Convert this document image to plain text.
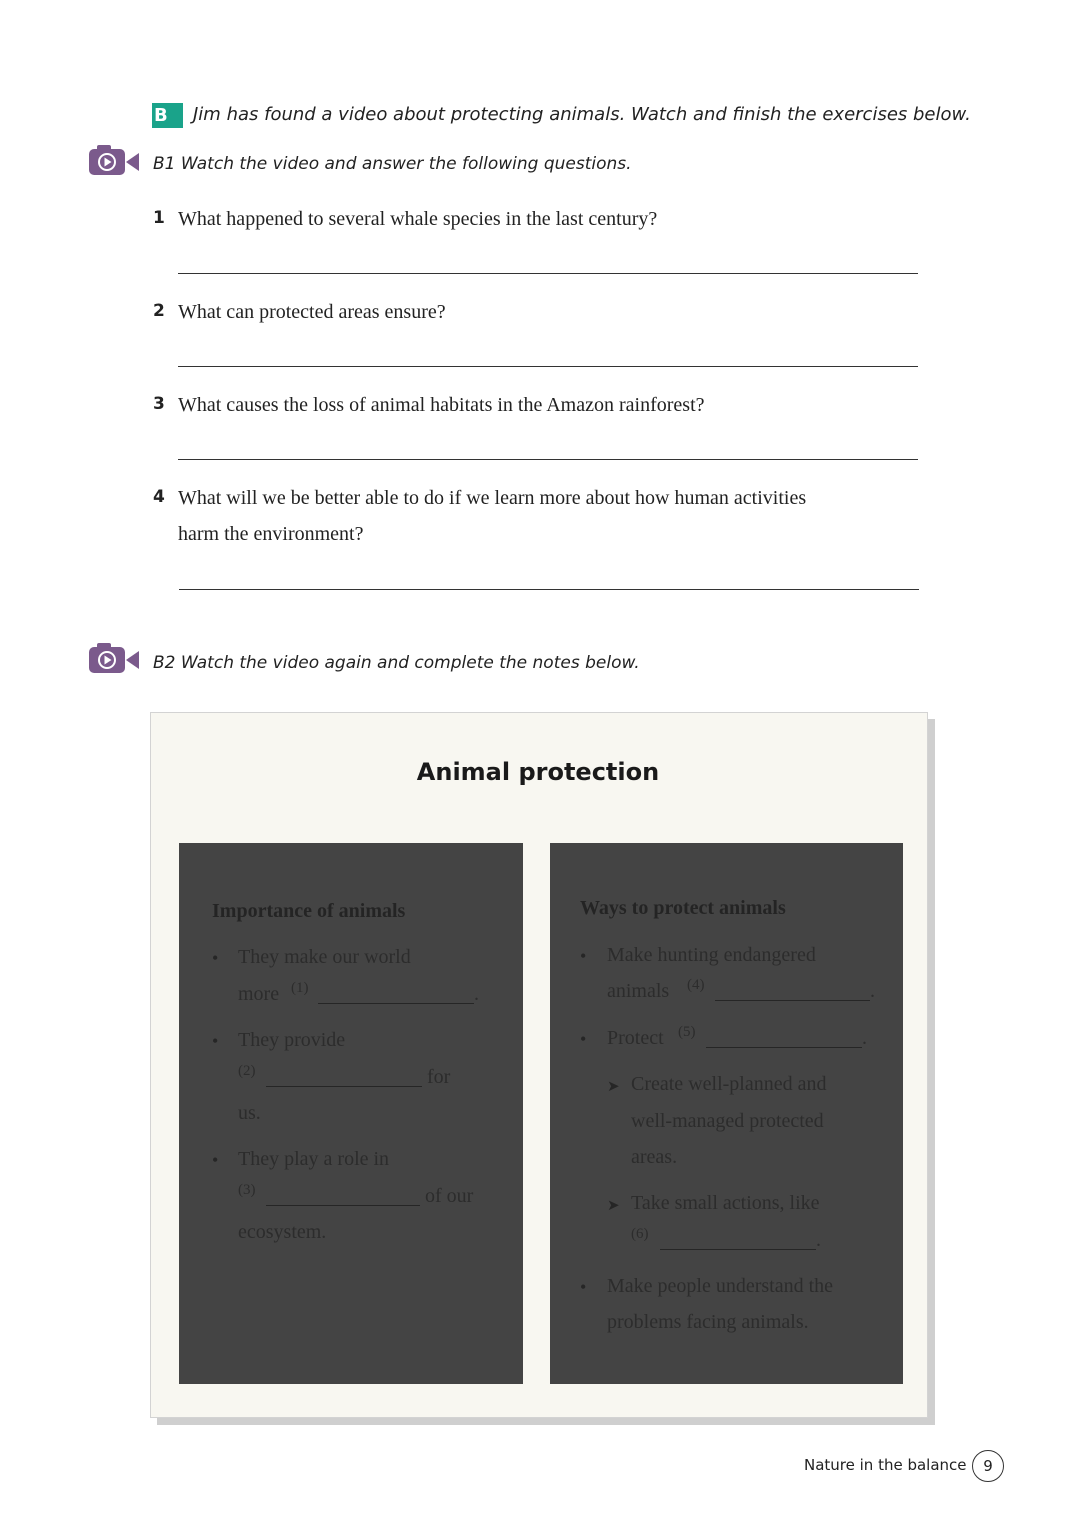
B	Jim has found a video about protecting animals. Watch and finish the exercises below.
B1 Watch the video and answer the following questions.
1 What happened to several whale species in the last century?
2 What can protected areas ensure?
3 What causes the loss of animal habitats in the Amazon rainforest?
4 What will we be better able to do if we learn more about how human activities
harm the environment?
B2 Watch the video again and complete the notes below.
Animal protection
Importance of animals
• They make our world
more (1)	.
• They provide
(2)	for
us.
• They play a role in
(3)	of our
ecosystem.
Ways to protect animals
• Make hunting endangered
animals (4)	.
• Protect (5)	.
➤ Create well-planned and
well-managed protected
areas.
➤ Take small actions, like
(6)	.
• Make people understand the
problems facing animals.
Nature in the balance	9
